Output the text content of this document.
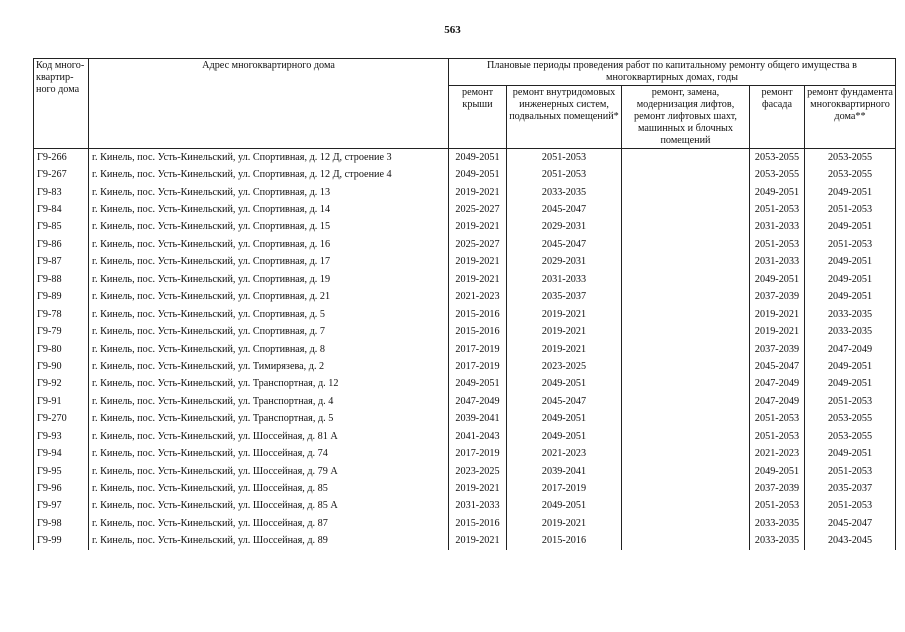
563
Код много-квартир-ного дома	Адрес многоквартирного дома	Плановые периоды проведения работ по капитальному ремонту общего имущества в многоквартирных домах, годы				
		ремонт крыши	ремонт внутридомовых инженерных систем, подвальных помещений*	ремонт, замена, модернизация лифтов, ремонт лифтовых шахт, машинных и блочных помещений	ремонт фасада	ремонт фундамента многоквартирного дома**
Г9-266	г. Кинель, пос. Усть-Кинельский, ул. Спортивная, д. 12 Д, строение 3	2049-2051	2051-2053		2053-2055	2053-2055
Г9-267	г. Кинель, пос. Усть-Кинельский, ул. Спортивная, д. 12 Д, строение 4	2049-2051	2051-2053		2053-2055	2053-2055
Г9-83	г. Кинель, пос. Усть-Кинельский, ул. Спортивная, д. 13	2019-2021	2033-2035		2049-2051	2049-2051
Г9-84	г. Кинель, пос. Усть-Кинельский, ул. Спортивная, д. 14	2025-2027	2045-2047		2051-2053	2051-2053
Г9-85	г. Кинель, пос. Усть-Кинельский, ул. Спортивная, д. 15	2019-2021	2029-2031		2031-2033	2049-2051
Г9-86	г. Кинель, пос. Усть-Кинельский, ул. Спортивная, д. 16	2025-2027	2045-2047		2051-2053	2051-2053
Г9-87	г. Кинель, пос. Усть-Кинельский, ул. Спортивная, д. 17	2019-2021	2029-2031		2031-2033	2049-2051
Г9-88	г. Кинель, пос. Усть-Кинельский, ул. Спортивная, д. 19	2019-2021	2031-2033		2049-2051	2049-2051
Г9-89	г. Кинель, пос. Усть-Кинельский, ул. Спортивная, д. 21	2021-2023	2035-2037		2037-2039	2049-2051
Г9-78	г. Кинель, пос. Усть-Кинельский, ул. Спортивная, д. 5	2015-2016	2019-2021		2019-2021	2033-2035
Г9-79	г. Кинель, пос. Усть-Кинельский, ул. Спортивная, д. 7	2015-2016	2019-2021		2019-2021	2033-2035
Г9-80	г. Кинель, пос. Усть-Кинельский, ул. Спортивная, д. 8	2017-2019	2019-2021		2037-2039	2047-2049
Г9-90	г. Кинель, пос. Усть-Кинельский, ул. Тимирязева, д. 2	2017-2019	2023-2025		2045-2047	2049-2051
Г9-92	г. Кинель, пос. Усть-Кинельский, ул. Транспортная, д. 12	2049-2051	2049-2051		2047-2049	2049-2051
Г9-91	г. Кинель, пос. Усть-Кинельский, ул. Транспортная, д. 4	2047-2049	2045-2047		2047-2049	2051-2053
Г9-270	г. Кинель, пос. Усть-Кинельский, ул. Транспортная, д. 5	2039-2041	2049-2051		2051-2053	2053-2055
Г9-93	г. Кинель, пос. Усть-Кинельский, ул. Шоссейная, д. 81 А	2041-2043	2049-2051		2051-2053	2053-2055
Г9-94	г. Кинель, пос. Усть-Кинельский, ул. Шоссейная, д. 74	2017-2019	2021-2023		2021-2023	2049-2051
Г9-95	г. Кинель, пос. Усть-Кинельский, ул. Шоссейная, д. 79 А	2023-2025	2039-2041		2049-2051	2051-2053
Г9-96	г. Кинель, пос. Усть-Кинельский, ул. Шоссейная, д. 85	2019-2021	2017-2019		2037-2039	2035-2037
Г9-97	г. Кинель, пос. Усть-Кинельский, ул. Шоссейная, д. 85 А	2031-2033	2049-2051		2051-2053	2051-2053
Г9-98	г. Кинель, пос. Усть-Кинельский, ул. Шоссейная, д. 87	2015-2016	2019-2021		2033-2035	2045-2047
Г9-99	г. Кинель, пос. Усть-Кинельский, ул. Шоссейная, д. 89	2019-2021	2015-2016		2033-2035	2043-2045
